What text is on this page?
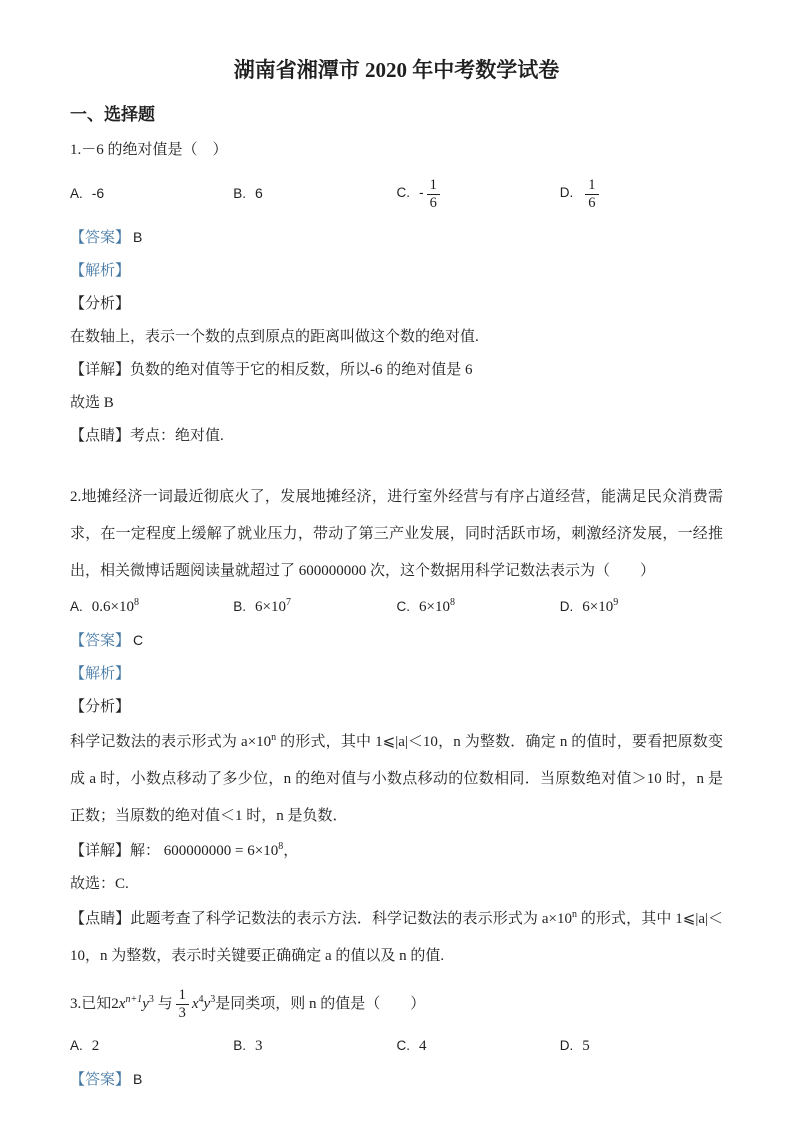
湖南省湘潭市 2020 年中考数学试卷
一、选择题

1.－6 的绝对值是（　）

A. -6	B. 6	C. - $\frac{1}{6}$	D. $\frac{1}{6}$

【答案】 B

【解析】

【分析】

在数轴上，表示一个数的点到原点的距离叫做这个数的绝对值.

【详解】负数的绝对值等于它的相反数，所以-6 的绝对值是 6

故选 B

【点睛】考点：绝对值.

2.地摊经济一词最近彻底火了，发展地摊经济，进行室外经营与有序占道经营，能满足民众消费需求，在一定程度上缓解了就业压力，带动了第三产业发展，同时活跃市场，刺激经济发展，一经推出，相关微博话题阅读量就超过了 600000000 次，这个数据用科学记数法表示为（　　）

A. $0.6\times 10^8$	B. $6\times 10^7$	C. $6\times 10^8$	D. $6\times 10^9$

【答案】 C

【解析】

【分析】

科学记数法的表示形式为 $a\times 10^n$ 的形式，其中 1⩽|a|＜10，n 为整数．确定 n 的值时，要看把原数变成 a 时，小数点移动了多少位，n 的绝对值与小数点移动的位数相同．当原数绝对值＞10 时，n 是正数；当原数的绝对值＜1 时，n 是负数．

【详解】解： $600000000 = 6\times 10^8$，

故选：C.

【点睛】此题考查了科学记数法的表示方法．科学记数法的表示形式为 $a\times 10^n$ 的形式，其中 1⩽|a|＜10，n 为整数，表示时关键要正确确定 a 的值以及 n 的值.

3.已知$2x^{n+1}y^3$ 与 $\frac{1}{3} x^4y^3$是同类项，则 n 的值是（　　）

A. 2	B. 3	C. 4	D. 5

【答案】 B
